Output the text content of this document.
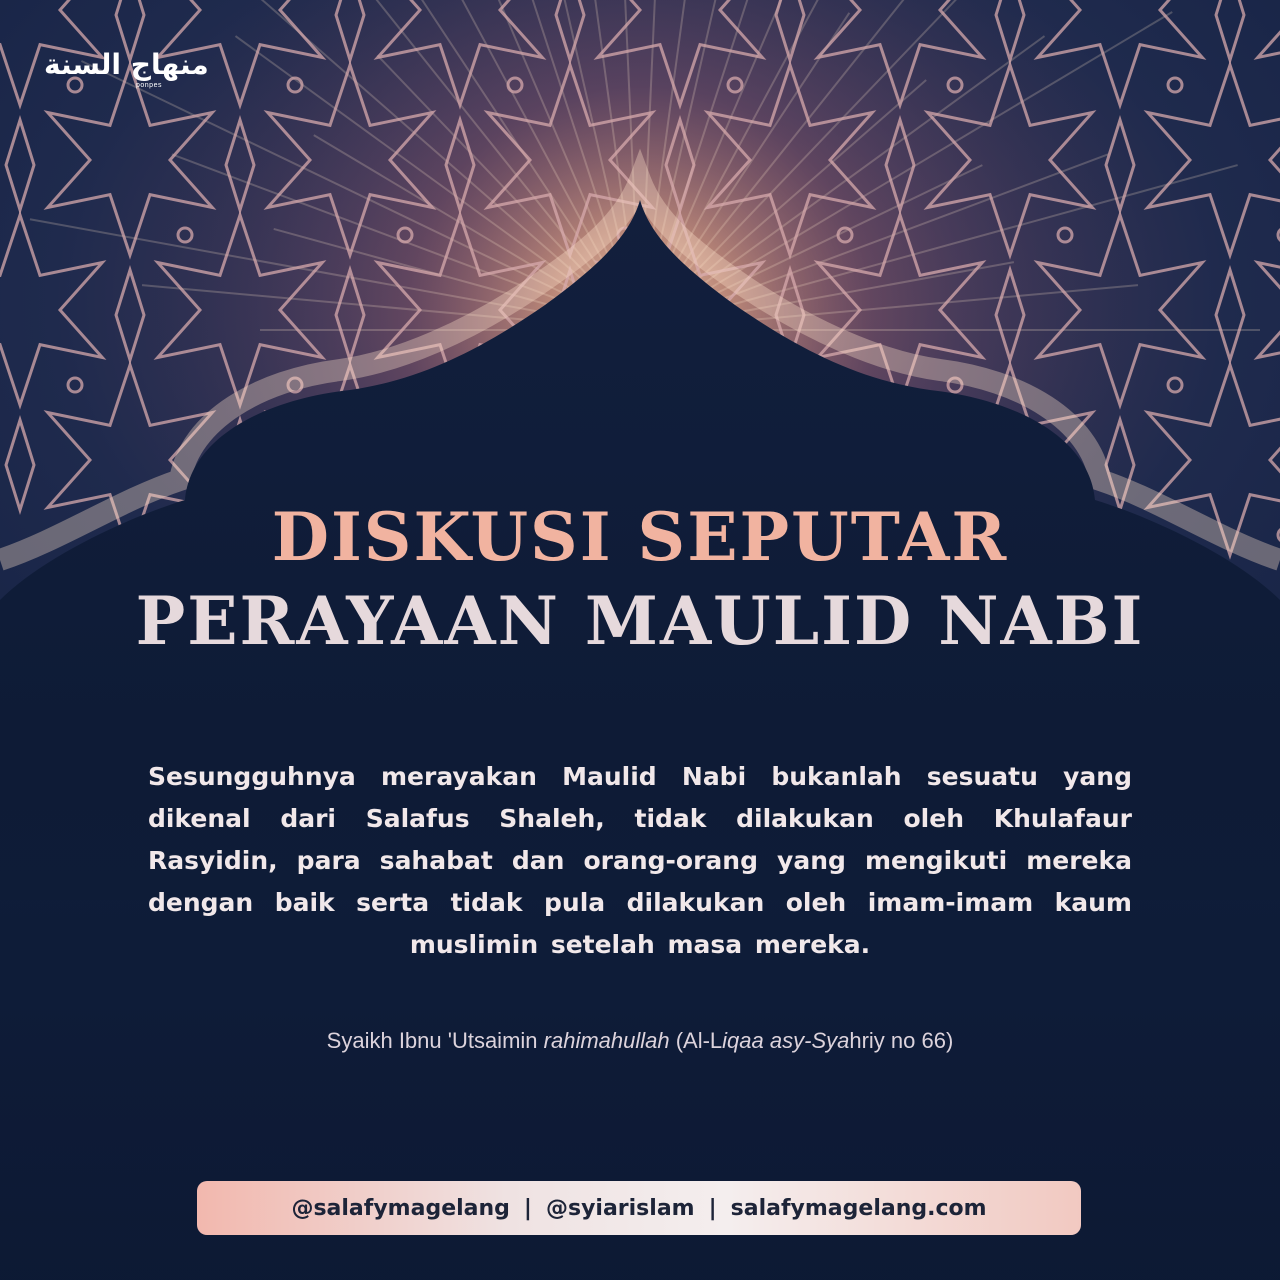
منهاج السنة
ponpes
DISKUSI SEPUTAR
PERAYAAN MAULID NABI

Sesungguhnya merayakan Maulid Nabi bukanlah sesuatu yang dikenal dari Salafus Shaleh, tidak dilakukan oleh Khulafaur Rasyidin, para sahabat dan orang-orang yang mengikuti mereka dengan baik serta tidak pula dilakukan oleh imam-imam kaum muslimin setelah masa mereka.

Syaikh Ibnu 'Utsaimin rahimahullah (Al-Liqaa asy-Syahriy no 66)

@salafymagelang | @syiarislam | salafymagelang.com
